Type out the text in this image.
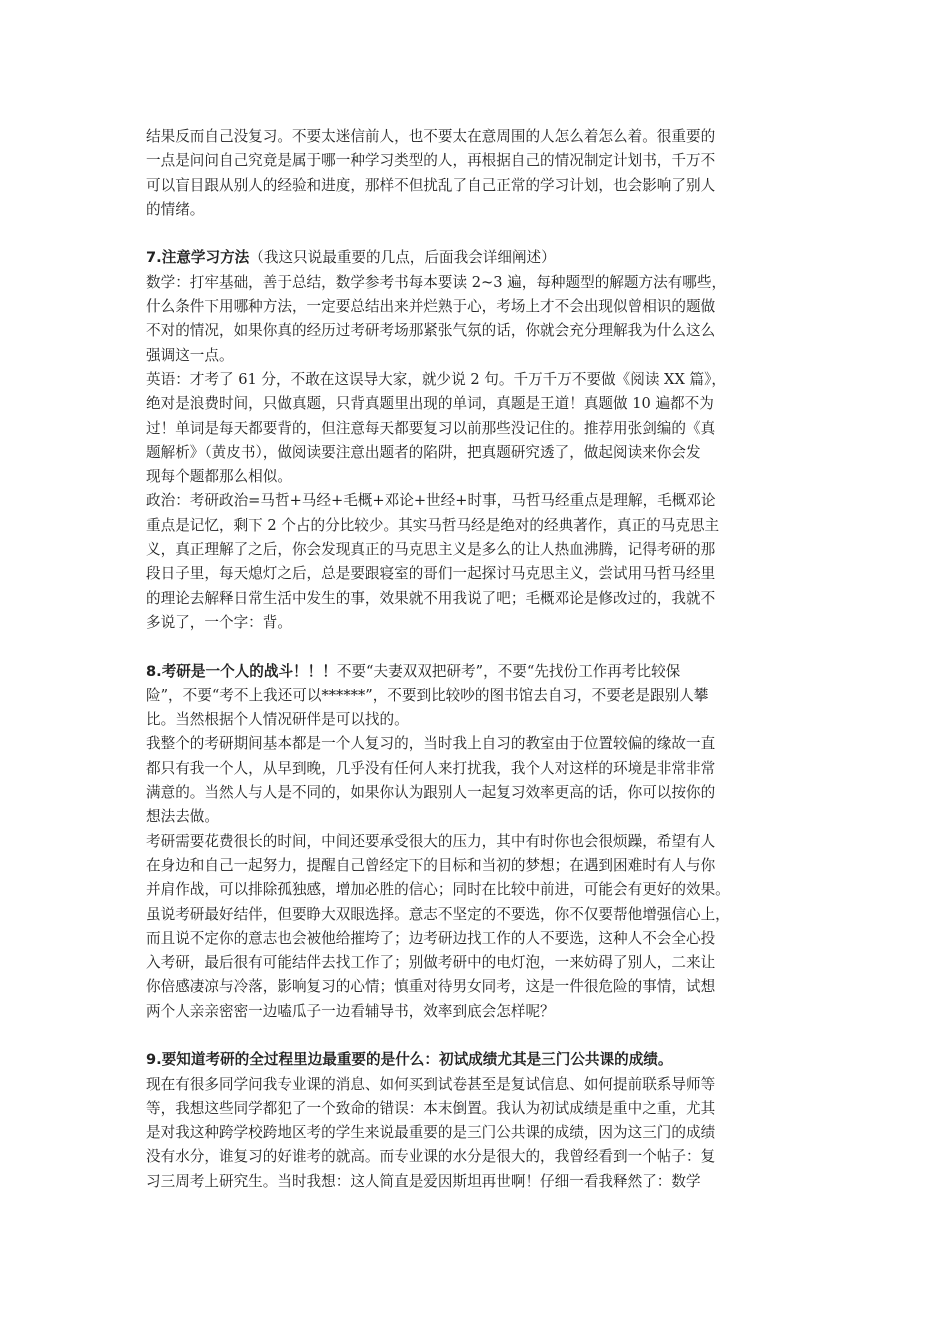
结果反而自己没复习。不要太迷信前人，也不要太在意周围的人怎么着怎么着。很重要的
一点是问问自己究竟是属于哪一种学习类型的人，再根据自己的情况制定计划书，千万不
可以盲目跟从别人的经验和进度，那样不但扰乱了自己正常的学习计划，也会影响了别人
的情绪。
7.注意学习方法（我这只说最重要的几点，后面我会详细阐述）
数学：打牢基础，善于总结，数学参考书每本要读 2~3 遍，每种题型的解题方法有哪些，
什么条件下用哪种方法，一定要总结出来并烂熟于心，考场上才不会出现似曾相识的题做
不对的情况，如果你真的经历过考研考场那紧张气氛的话，你就会充分理解我为什么这么
强调这一点。
英语：才考了 61 分，不敢在这误导大家，就少说 2 句。千万千万不要做《阅读 XX 篇》，
绝对是浪费时间，只做真题，只背真题里出现的单词，真题是王道！真题做 10 遍都不为
过！单词是每天都要背的，但注意每天都要复习以前那些没记住的。推荐用张剑编的《真
题解析》（黄皮书），做阅读要注意出题者的陷阱，把真题研究透了，做起阅读来你会发
现每个题都那么相似。
政治：考研政治=马哲+马经+毛概+邓论+世经+时事，马哲马经重点是理解，毛概邓论
重点是记忆，剩下 2 个占的分比较少。其实马哲马经是绝对的经典著作，真正的马克思主
义，真正理解了之后，你会发现真正的马克思主义是多么的让人热血沸腾，记得考研的那
段日子里，每天熄灯之后，总是要跟寝室的哥们一起探讨马克思主义，尝试用马哲马经里
的理论去解释日常生活中发生的事，效果就不用我说了吧；毛概邓论是修改过的，我就不
多说了，一个字：背。
8.考研是一个人的战斗！！！不要“夫妻双双把研考”，不要“先找份工作再考比较保
险”，不要“考不上我还可以******”，不要到比较吵的图书馆去自习，不要老是跟别人攀
比。当然根据个人情况研伴是可以找的。
我整个的考研期间基本都是一个人复习的，当时我上自习的教室由于位置较偏的缘故一直
都只有我一个人，从早到晚，几乎没有任何人来打扰我，我个人对这样的环境是非常非常
满意的。当然人与人是不同的，如果你认为跟别人一起复习效率更高的话，你可以按你的
想法去做。
考研需要花费很长的时间，中间还要承受很大的压力，其中有时你也会很烦躁，希望有人
在身边和自己一起努力，提醒自己曾经定下的目标和当初的梦想；在遇到困难时有人与你
并肩作战，可以排除孤独感，增加必胜的信心；同时在比较中前进，可能会有更好的效果。
虽说考研最好结伴，但要睁大双眼选择。意志不坚定的不要选，你不仅要帮他增强信心上，
而且说不定你的意志也会被他给摧垮了；边考研边找工作的人不要选，这种人不会全心投
入考研，最后很有可能结伴去找工作了；别做考研中的电灯泡，一来妨碍了别人，二来让
你倍感凄凉与冷落，影响复习的心情；慎重对待男女同考，这是一件很危险的事情，试想
两个人亲亲密密一边嗑瓜子一边看辅导书，效率到底会怎样呢？
9.要知道考研的全过程里边最重要的是什么：初试成绩尤其是三门公共课的成绩。
现在有很多同学问我专业课的消息、如何买到试卷甚至是复试信息、如何提前联系导师等
等，我想这些同学都犯了一个致命的错误：本末倒置。我认为初试成绩是重中之重，尤其
是对我这种跨学校跨地区考的学生来说最重要的是三门公共课的成绩，因为这三门的成绩
没有水分，谁复习的好谁考的就高。而专业课的水分是很大的，我曾经看到一个帖子：复
习三周考上研究生。当时我想：这人简直是爱因斯坦再世啊！仔细一看我释然了：数学
